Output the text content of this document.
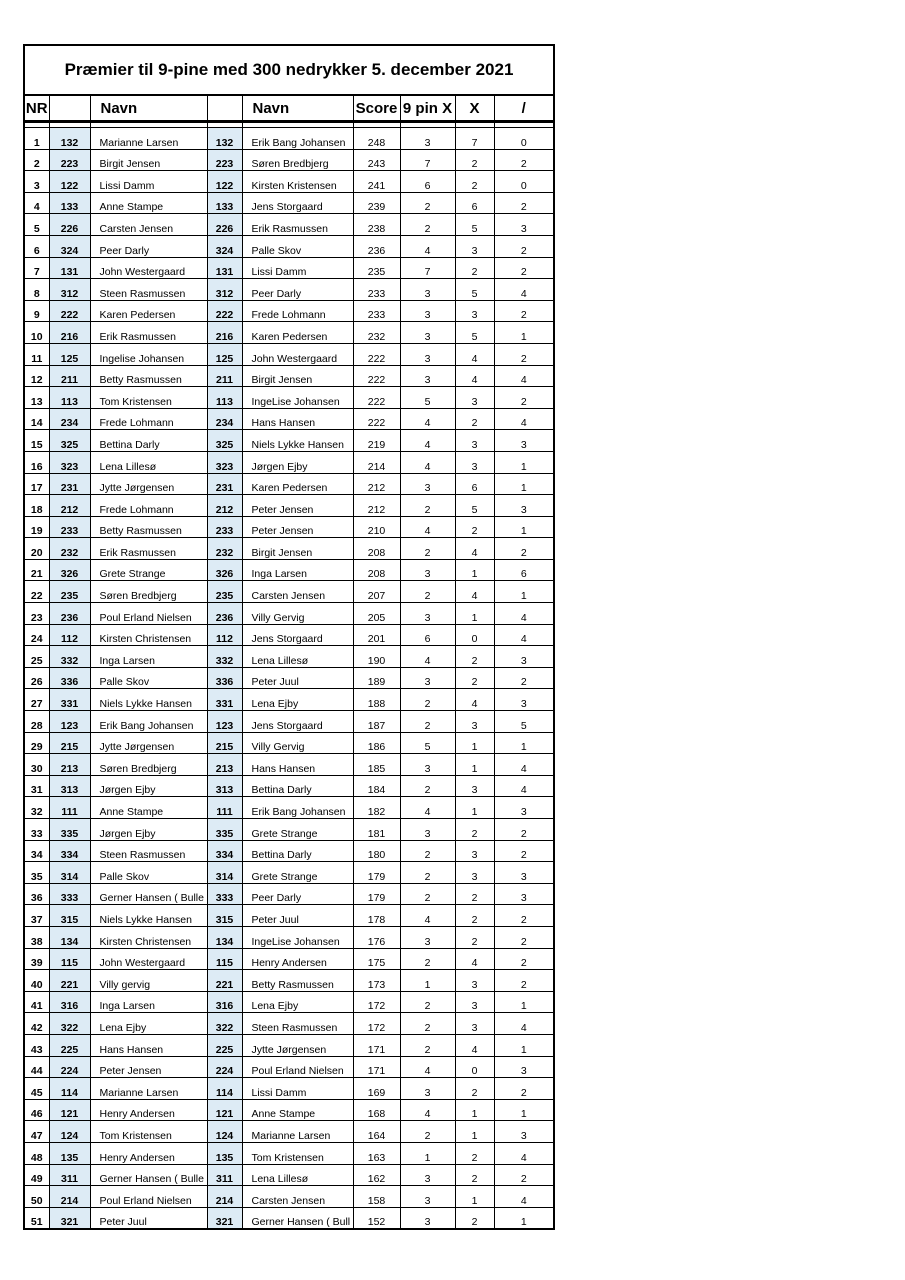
Præmier til 9-pine med 300 nedrykker 5. december 2021								
NR		Navn		Navn	Score	9 pin X	X	/

1	132	Marianne Larsen	132	Erik Bang Johansen	248	3	7	0
2	223	Birgit Jensen	223	Søren Bredbjerg	243	7	2	2
3	122	Lissi Damm	122	Kirsten Kristensen	241	6	2	0
4	133	Anne Stampe	133	Jens Storgaard	239	2	6	2
5	226	Carsten Jensen	226	Erik Rasmussen	238	2	5	3
6	324	Peer Darly	324	Palle Skov	236	4	3	2
7	131	John Westergaard	131	Lissi Damm	235	7	2	2
8	312	Steen Rasmussen	312	Peer Darly	233	3	5	4
9	222	Karen Pedersen	222	Frede Lohmann	233	3	3	2
10	216	Erik Rasmussen	216	Karen Pedersen	232	3	5	1
11	125	Ingelise Johansen	125	John Westergaard	222	3	4	2
12	211	Betty Rasmussen	211	Birgit Jensen	222	3	4	4
13	113	Tom Kristensen	113	IngeLise Johansen	222	5	3	2
14	234	Frede Lohmann	234	Hans Hansen	222	4	2	4
15	325	Bettina Darly	325	Niels Lykke Hansen	219	4	3	3
16	323	Lena Lillesø	323	Jørgen Ejby	214	4	3	1
17	231	Jytte Jørgensen	231	Karen Pedersen	212	3	6	1
18	212	Frede Lohmann	212	Peter Jensen	212	2	5	3
19	233	Betty Rasmussen	233	Peter Jensen	210	4	2	1
20	232	Erik Rasmussen	232	Birgit Jensen	208	2	4	2
21	326	Grete Strange	326	Inga Larsen	208	3	1	6
22	235	Søren Bredbjerg	235	Carsten Jensen	207	2	4	1
23	236	Poul Erland Nielsen	236	Villy Gervig	205	3	1	4
24	112	Kirsten Christensen	112	Jens Storgaard	201	6	0	4
25	332	Inga Larsen	332	Lena Lillesø	190	4	2	3
26	336	Palle Skov	336	Peter Juul	189	3	2	2
27	331	Niels Lykke Hansen	331	Lena Ejby	188	2	4	3
28	123	Erik Bang Johansen	123	Jens Storgaard	187	2	3	5
29	215	Jytte Jørgensen	215	Villy Gervig	186	5	1	1
30	213	Søren Bredbjerg	213	Hans Hansen	185	3	1	4
31	313	Jørgen Ejby	313	Bettina Darly	184	2	3	4
32	111	Anne Stampe	111	Erik Bang Johansen	182	4	1	3
33	335	Jørgen Ejby	335	Grete Strange	181	3	2	2
34	334	Steen Rasmussen	334	Bettina Darly	180	2	3	2
35	314	Palle Skov	314	Grete Strange	179	2	3	3
36	333	Gerner Hansen ( Bulle	333	Peer Darly	179	2	2	3
37	315	Niels Lykke Hansen	315	Peter Juul	178	4	2	2
38	134	Kirsten Christensen	134	IngeLise Johansen	176	3	2	2
39	115	John Westergaard	115	Henry Andersen	175	2	4	2
40	221	Villy gervig	221	Betty Rasmussen	173	1	3	2
41	316	Inga Larsen	316	Lena Ejby	172	2	3	1
42	322	Lena Ejby	322	Steen Rasmussen	172	2	3	4
43	225	Hans Hansen	225	Jytte Jørgensen	171	2	4	1
44	224	Peter Jensen	224	Poul Erland Nielsen	171	4	0	3
45	114	Marianne Larsen	114	Lissi Damm	169	3	2	2
46	121	Henry Andersen	121	Anne Stampe	168	4	1	1
47	124	Tom Kristensen	124	Marianne Larsen	164	2	1	3
48	135	Henry Andersen	135	Tom Kristensen	163	1	2	4
49	311	Gerner Hansen ( Bulle	311	Lena Lillesø	162	3	2	2
50	214	Poul Erland Nielsen	214	Carsten Jensen	158	3	1	4
51	321	Peter Juul	321	Gerner Hansen ( Bull	152	3	2	1
